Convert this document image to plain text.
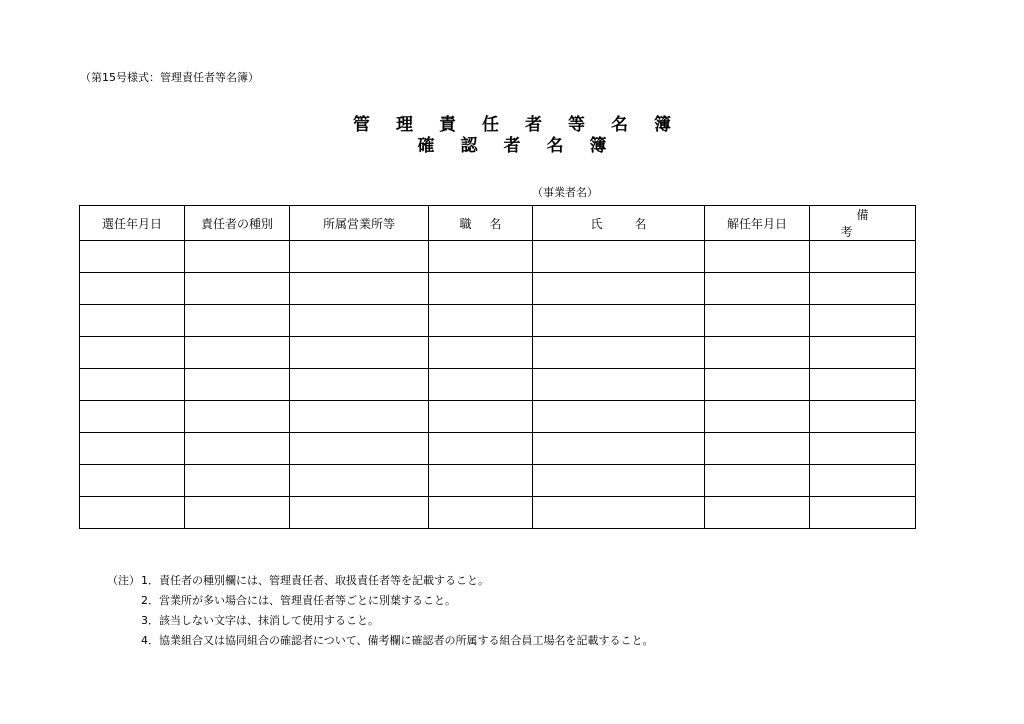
（第15号様式：管理責任者等名簿）
管理責任者等名簿
確認者名簿
（事業者名）
選任年月日	責任者の種別	所属営業所等	職名	氏名	解任年月日	備考

（注）1．責任者の種別欄には、管理責任者、取扱責任者等を記載すること。
2．営業所が多い場合には、管理責任者等ごとに別葉すること。
3．該当しない文字は、抹消して使用すること。
4．協業組合又は協同組合の確認者について、備考欄に確認者の所属する組合員工場名を記載すること。
